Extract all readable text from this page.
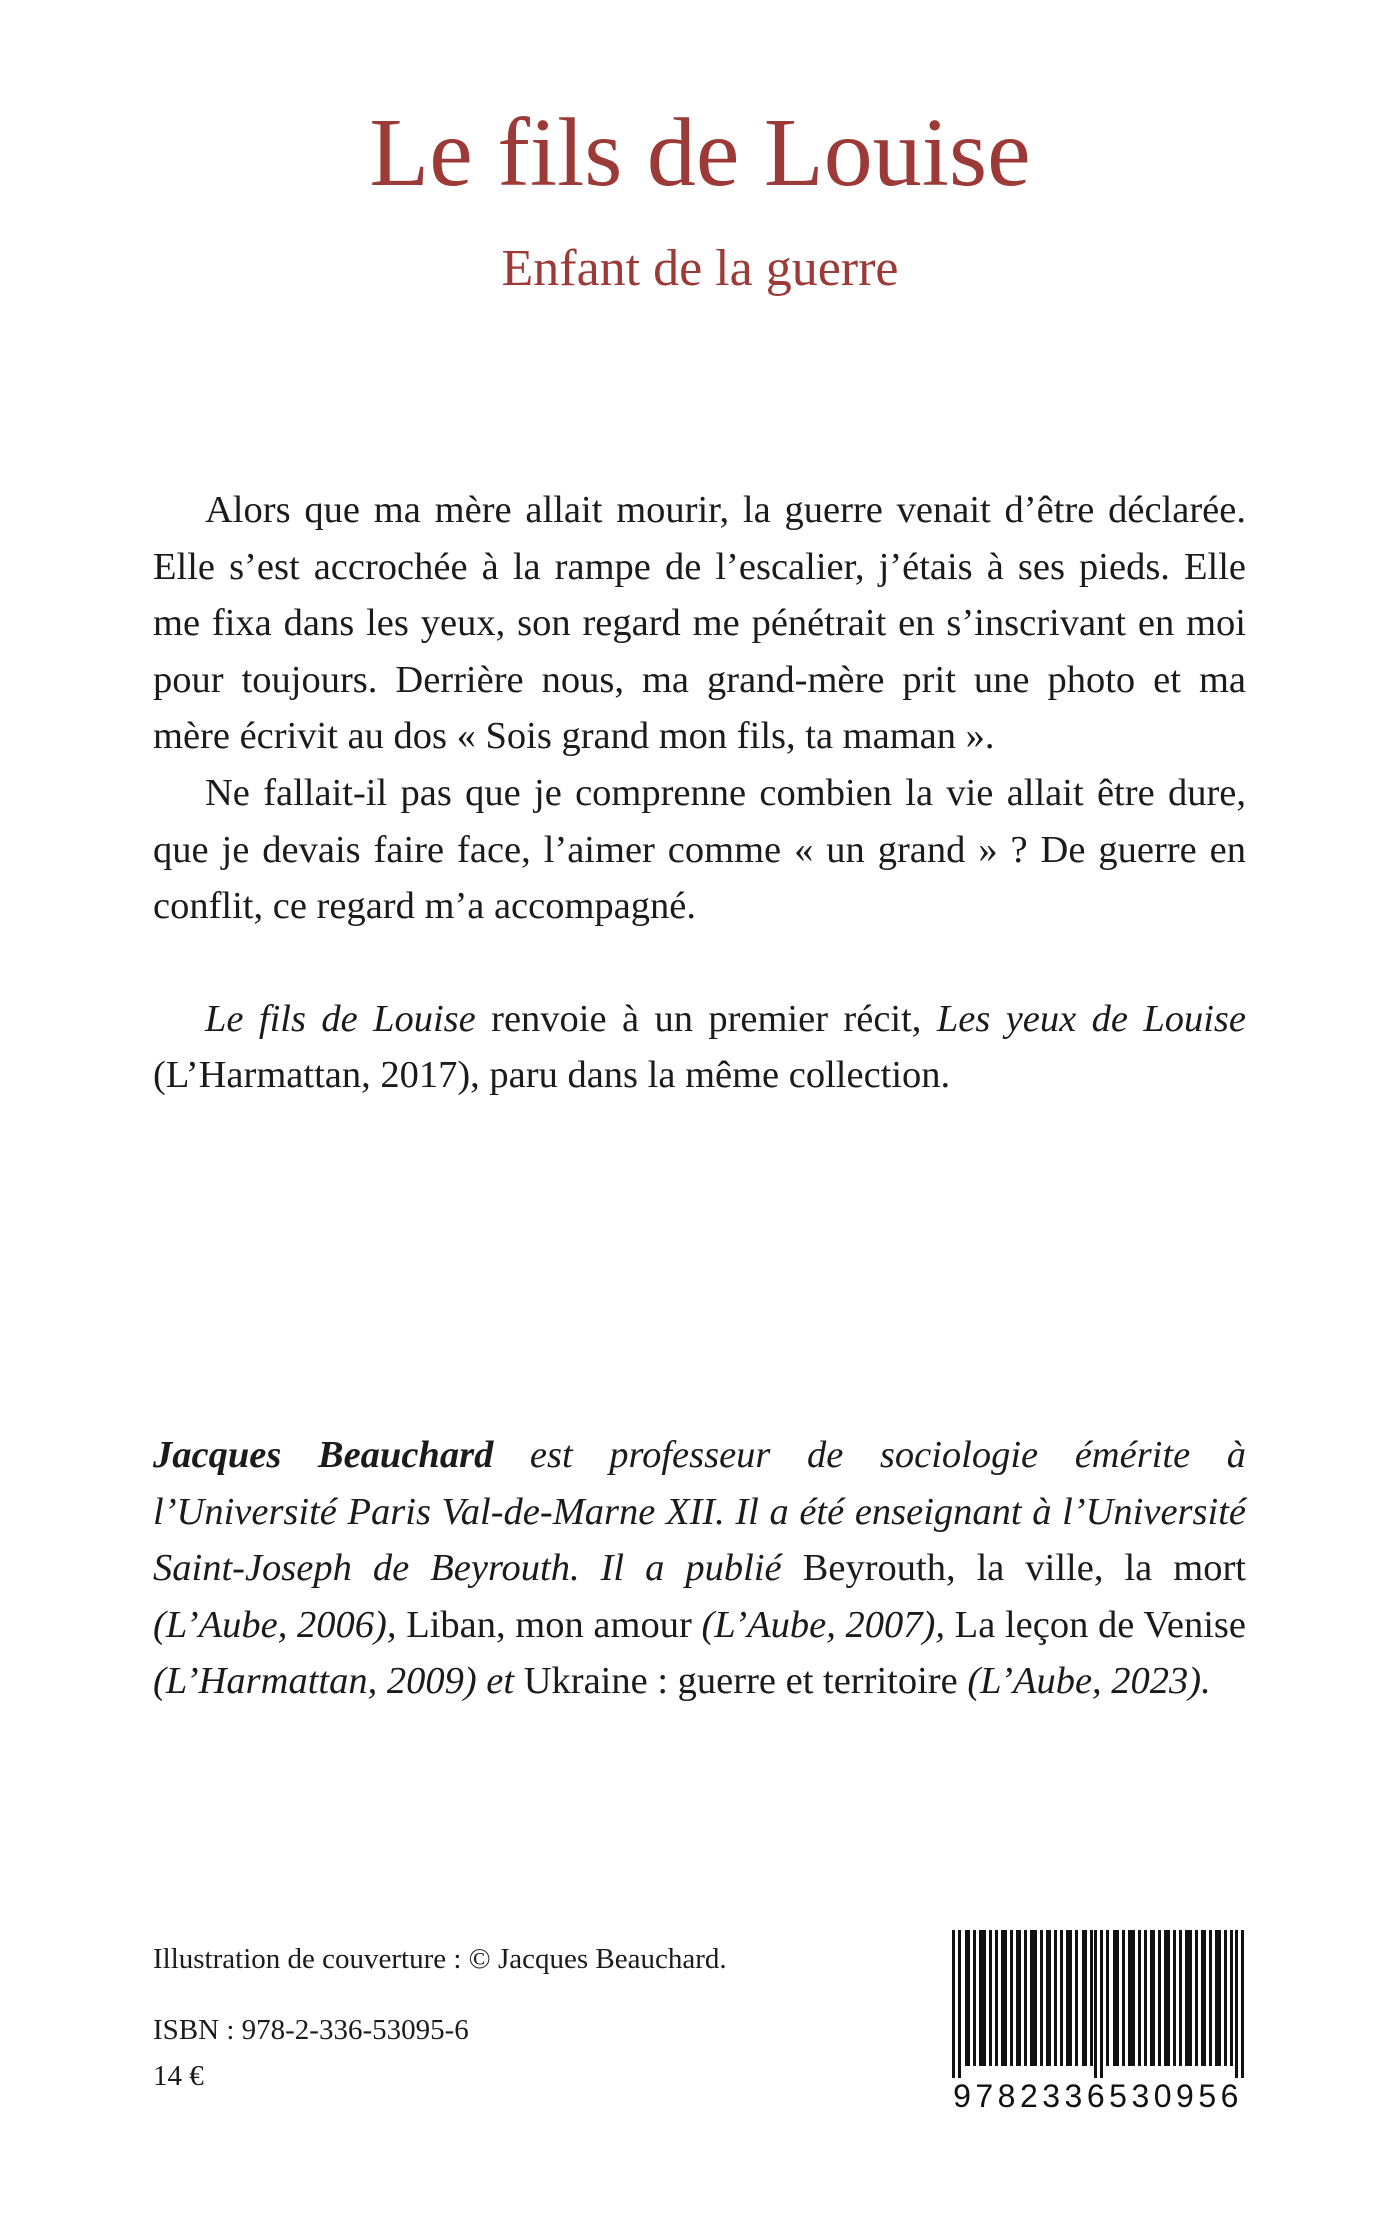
Le fils de Louise
Enfant de la guerre

Alors que ma mère allait mourir, la guerre venait d’être déclarée. Elle s’est accrochée à la rampe de l’escalier, j’étais à ses pieds. Elle me fixa dans les yeux, son regard me pénétrait en s’inscrivant en moi pour toujours. Derrière nous, ma grand-mère prit une photo et ma mère écrivit au dos « Sois grand mon fils, ta maman ».

Ne fallait-il pas que je comprenne combien la vie allait être dure, que je devais faire face, l’aimer comme « un grand » ? De guerre en conflit, ce regard m’a accompagné.

Le fils de Louise renvoie à un premier récit, Les yeux de Louise (L’Harmattan, 2017), paru dans la même collection.

Jacques Beauchard est professeur de sociologie émérite à l’Université Paris Val-de-Marne XII. Il a été enseignant à l’Université Saint-Joseph de Beyrouth. Il a publié Beyrouth, la ville, la mort (L’Aube, 2006), Liban, mon amour (L’Aube, 2007), La leçon de Venise (L’Harmattan, 2009) et Ukraine : guerre et territoire (L’Aube, 2023).

Illustration de couverture : © Jacques Beauchard.

ISBN : 978-2-336-53095-6

14 €

9782336530956
